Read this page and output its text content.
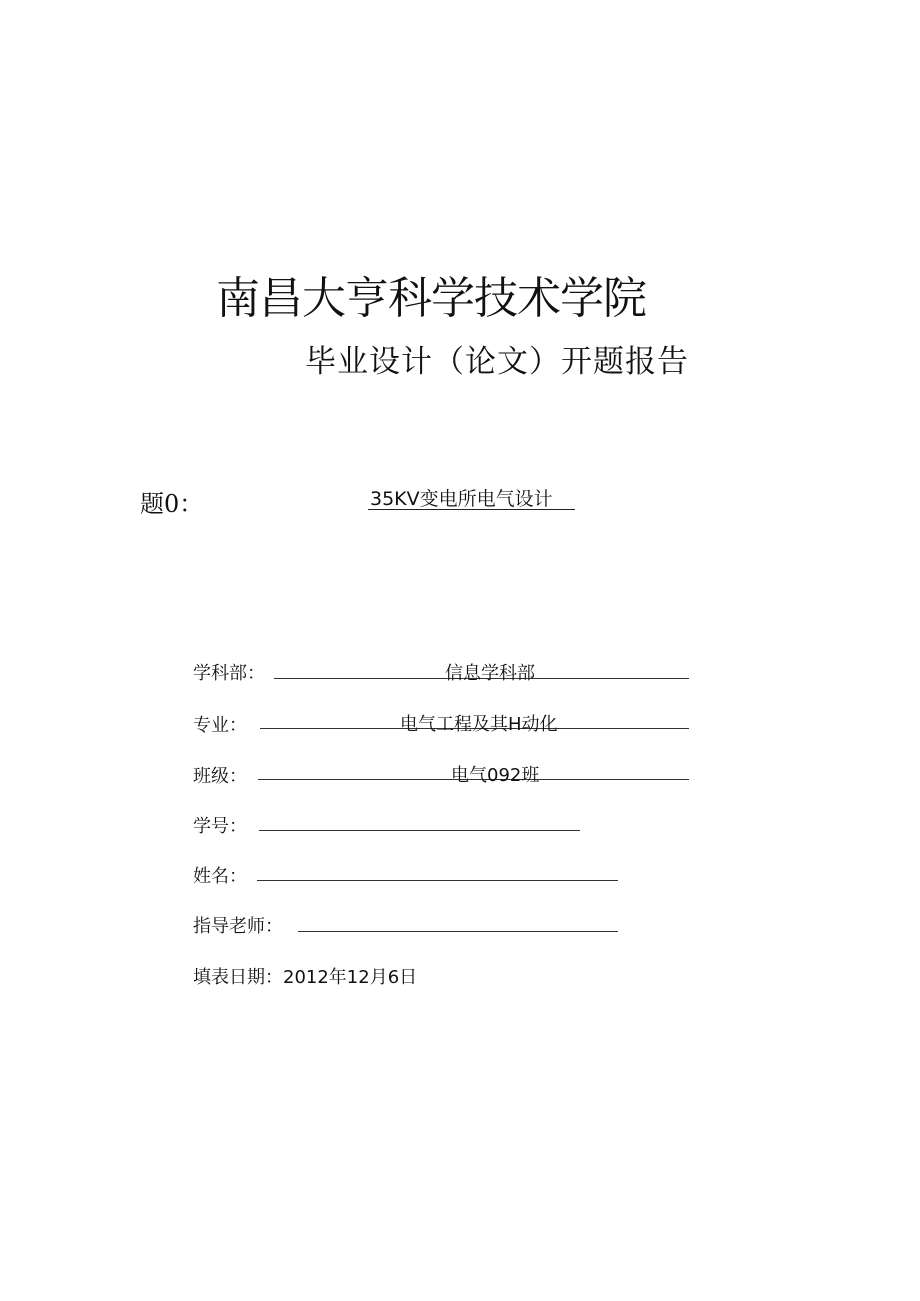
南昌大亨科学技术学院
毕业设计（论文）开题报告
题0：	35KV变电所电气设计
学科部：	信息学科部
专业：	电气工程及其H动化
班级：	电气092班
学号：
姓名：
指导老师：
填表日期：2012年12月6日
